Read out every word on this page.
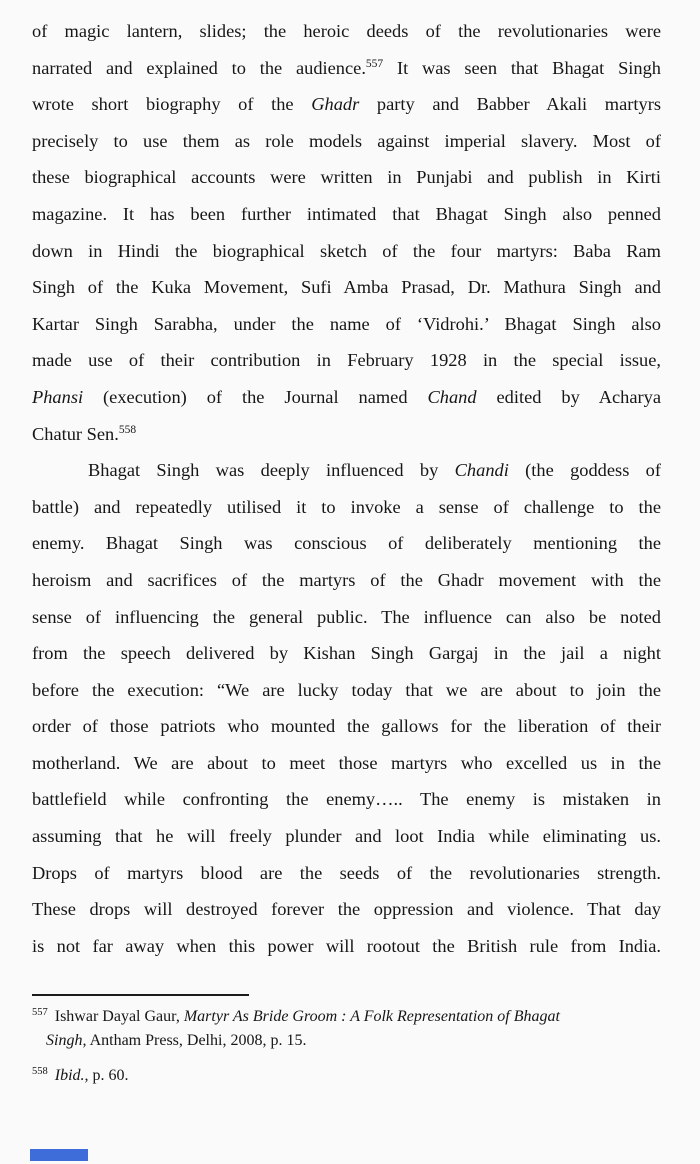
of magic lantern, slides; the heroic deeds of the revolutionaries were
narrated and explained to the audience.$^{557}$ It was seen that Bhagat Singh
wrote short biography of the Ghadr party and Babber Akali martyrs
precisely to use them as role models against imperial slavery. Most of
these biographical accounts were written in Punjabi and publish in Kirti
magazine. It has been further intimated that Bhagat Singh also penned
down in Hindi the biographical sketch of the four martyrs: Baba Ram
Singh of the Kuka Movement, Sufi Amba Prasad, Dr. Mathura Singh and
Kartar Singh Sarabha, under the name of ‘Vidrohi.’ Bhagat Singh also
made use of their contribution in February 1928 in the special issue,
Phansi (execution) of the Journal named Chand edited by Acharya
Chatur Sen.$^{558}$
Bhagat Singh was deeply influenced by Chandi (the goddess of
battle) and repeatedly utilised it to invoke a sense of challenge to the
enemy. Bhagat Singh was conscious of deliberately mentioning the
heroism and sacrifices of the martyrs of the Ghadr movement with the
sense of influencing the general public. The influence can also be noted
from the speech delivered by Kishan Singh Gargaj in the jail a night
before the execution: “We are lucky today that we are about to join the
order of those patriots who mounted the gallows for the liberation of their
motherland. We are about to meet those martyrs who excelled us in the
battlefield while confronting the enemy….. The enemy is mistaken in
assuming that he will freely plunder and loot India while eliminating us.
Drops of martyrs blood are the seeds of the revolutionaries strength.
These drops will destroyed forever the oppression and violence. That day
is not far away when this power will rootout the British rule from India.
$^{557}$ Ishwar Dayal Gaur, Martyr As Bride Groom : A Folk Representation of Bhagat
Singh, Antham Press, Delhi, 2008, p. 15.
$^{558}$ Ibid., p. 60.
